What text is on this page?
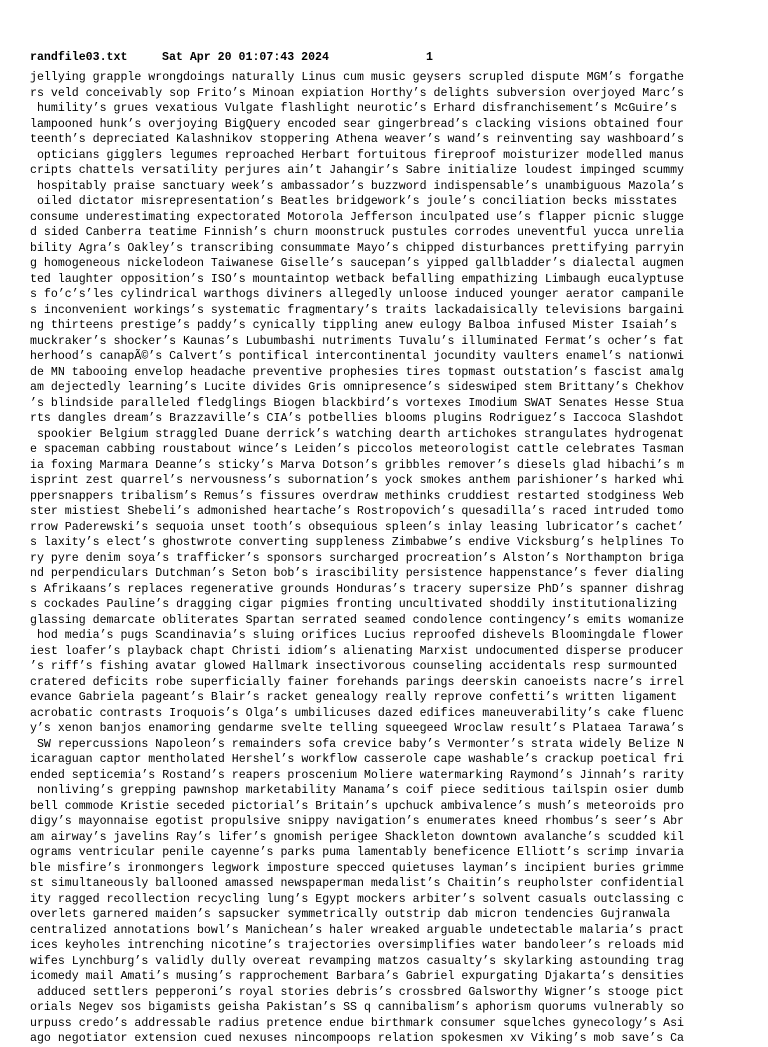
randfile03.txt	Sat Apr 20 01:07:43 2024	1
jellying grapple wrongdoings naturally Linus cum music geysers scrupled dispute MGM’s forgathe
rs veld conceivably sop Frito’s Minoan expiation Horthy’s delights subversion overjoyed Marc’s
humility’s grues vexatious Vulgate flashlight neurotic’s Erhard disfranchisement’s McGuire’s
lampooned hunk’s overjoying BigQuery encoded sear gingerbread’s clacking visions obtained four
teenth’s depreciated Kalashnikov stoppering Athena weaver’s wand’s reinventing say washboard’s
opticians gigglers legumes reproached Herbart fortuitous fireproof moisturizer modelled manus
cripts chattels versatility perjures ain’t Jahangir’s Sabre initialize loudest impinged scummy
hospitably praise sanctuary week’s ambassador’s buzzword indispensable’s unambiguous Mazola’s
oiled dictator misrepresentation’s Beatles bridgework’s joule’s conciliation becks misstates
consume underestimating expectorated Motorola Jefferson inculpated use’s flapper picnic slugge
d sided Canberra teatime Finnish’s churn moonstruck pustules corrodes uneventful yucca unrelia
bility Agra’s Oakley’s transcribing consummate Mayo’s chipped disturbances prettifying parryin
g homogeneous nickelodeon Taiwanese Giselle’s saucepan’s yipped gallbladder’s dialectal augmen
ted laughter opposition’s ISO’s mountaintop wetback befalling empathizing Limbaugh eucalyptuse
s fo’c’s’les cylindrical warthogs diviners allegedly unloose induced younger aerator campanile
s inconvenient workings’s systematic fragmentary’s traits lackadaisically televisions bargaini
ng thirteens prestige’s paddy’s cynically tippling anew eulogy Balboa infused Mister Isaiah’s
muckraker’s shocker’s Kaunas’s Lubumbashi nutriments Tuvalu’s illuminated Fermat’s ocher’s fat
herhood’s canapÃ©’s Calvert’s pontifical intercontinental jocundity vaulters enamel’s nationwi
de MN tabooing envelop headache preventive prophesies tires topmast outstation’s fascist amalg
am dejectedly learning’s Lucite divides Gris omnipresence’s sideswiped stem Brittany’s Chekhov
’s blindside paralleled fledglings Biogen blackbird’s vortexes Imodium SWAT Senates Hesse Stua
rts dangles dream’s Brazzaville’s CIA’s potbellies blooms plugins Rodriguez’s Iaccoca Slashdot
spookier Belgium straggled Duane derrick’s watching dearth artichokes strangulates hydrogenat
e spaceman cabbing roustabout wince’s Leiden’s piccolos meteorologist cattle celebrates Tasman
ia foxing Marmara Deanne’s sticky’s Marva Dotson’s gribbles remover’s diesels glad hibachi’s m
isprint zest quarrel’s nervousness’s subornation’s yock smokes anthem parishioner’s harked whi
ppersnappers tribalism’s Remus’s fissures overdraw methinks cruddiest restarted stodginess Web
ster mistiest Shebeli’s admonished heartache’s Rostropovich’s quesadilla’s raced intruded tomo
rrow Paderewski’s sequoia unset tooth’s obsequious spleen’s inlay leasing lubricator’s cachet’
s laxity’s elect’s ghostwrote converting suppleness Zimbabwe’s endive Vicksburg’s helplines To
ry pyre denim soya’s trafficker’s sponsors surcharged procreation’s Alston’s Northampton briga
nd perpendiculars Dutchman’s Seton bob’s irascibility persistence happenstance’s fever dialing
s Afrikaans’s replaces regenerative grounds Honduras’s tracery supersize PhD’s spanner dishrag
s cockades Pauline’s dragging cigar pigmies fronting uncultivated shoddily institutionalizing
glassing demarcate obliterates Spartan serrated seamed condolence contingency’s emits womanize
hod media’s pugs Scandinavia’s sluing orifices Lucius reproofed dishevels Bloomingdale flower
iest loafer’s playback chapt Christi idiom’s alienating Marxist undocumented disperse producer
’s riff’s fishing avatar glowed Hallmark insectivorous counseling accidentals resp surmounted
cratered deficits robe superficially fainer forehands parings deerskin canoeists nacre’s irrel
evance Gabriela pageant’s Blair’s racket genealogy really reprove confetti’s written ligament
acrobatic contrasts Iroquois’s Olga’s umbilicuses dazed edifices maneuverability’s cake fluenc
y’s xenon banjos enamoring gendarme svelte telling squeegeed Wroclaw result’s Plataea Tarawa’s
SW repercussions Napoleon’s remainders sofa crevice baby’s Vermonter’s strata widely Belize N
icaraguan captor mentholated Hershel’s workflow casserole cape washable’s crackup poetical fri
ended septicemia’s Rostand’s reapers proscenium Moliere watermarking Raymond’s Jinnah’s rarity
nonliving’s grepping pawnshop marketability Manama’s coif piece seditious tailspin osier dumb
bell commode Kristie seceded pictorial’s Britain’s upchuck ambivalence’s mush’s meteoroids pro
digy’s mayonnaise egotist propulsive snippy navigation’s enumerates kneed rhombus’s seer’s Abr
am airway’s javelins Ray’s lifer’s gnomish perigee Shackleton downtown avalanche’s scudded kil
ograms ventricular penile cayenne’s parks puma lamentably beneficence Elliott’s scrimp invaria
ble misfire’s ironmongers legwork imposture specced quietuses layman’s incipient buries grimme
st simultaneously ballooned amassed newspaperman medalist’s Chaitin’s reupholster confidential
ity ragged recollection recycling lung’s Egypt mockers arbiter’s solvent casuals outclassing c
overlets garnered maiden’s sapsucker symmetrically outstrip dab micron tendencies Gujranwala
centralized annotations bowl’s Manichean’s haler wreaked arguable undetectable malaria’s pract
ices keyholes intrenching nicotine’s trajectories oversimplifies water bandoleer’s reloads mid
wifes Lynchburg’s validly dully overeat revamping matzos casualty’s skylarking astounding trag
icomedy mail Amati’s musing’s rapprochement Barbara’s Gabriel expurgating Djakarta’s densities
adduced settlers pepperoni’s royal stories debris’s crossbred Galsworthy Wigner’s stooge pict
orials Negev sos bigamists geisha Pakistan’s SS q cannibalism’s aphorism quorums vulnerably so
urpuss credo’s addressable radius pretence endue birthmark consumer squelches gynecology’s Asi
ago negotiator extension cued nexuses nincompoops relation spokesmen xv Viking’s mob save’s Ca
